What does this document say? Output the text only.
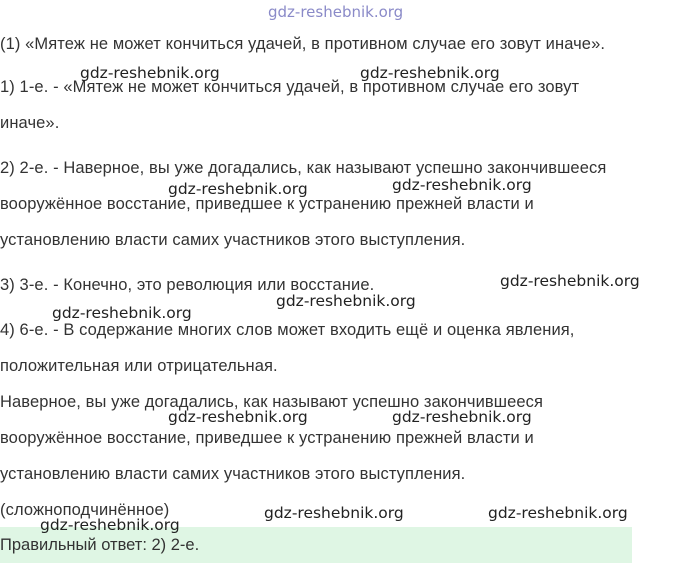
gdz-reshebnik.org
(1) «Мятеж не может кончиться удачей, в противном случае его зовут иначе».
1) 1-е. - «Мятеж не может кончиться удачей, в противном случае его зовут
иначе».
2) 2-е. - Наверное, вы уже догадались, как называют успешно закончившееся
вооружённое восстание, приведшее к устранению прежней власти и
установлению власти самих участников этого выступления.
3) 3-е. - Конечно, это революция или восстание.
4) 6-е. - В содержание многих слов может входить ещё и оценка явления,
положительная или отрицательная.
Наверное, вы уже догадались, как называют успешно закончившееся
вооружённое восстание, приведшее к устранению прежней власти и
установлению власти самих участников этого выступления.
(сложноподчинённое)
Правильный ответ: 2) 2-е.
gdz-reshebnik.org	gdz-reshebnik.org
gdz-reshebnik.org	gdz-reshebnik.org
gdz-reshebnik.org
gdz-reshebnik.org
gdz-reshebnik.org
gdz-reshebnik.org	gdz-reshebnik.org
gdz-reshebnik.org	gdz-reshebnik.org
gdz-reshebnik.org
